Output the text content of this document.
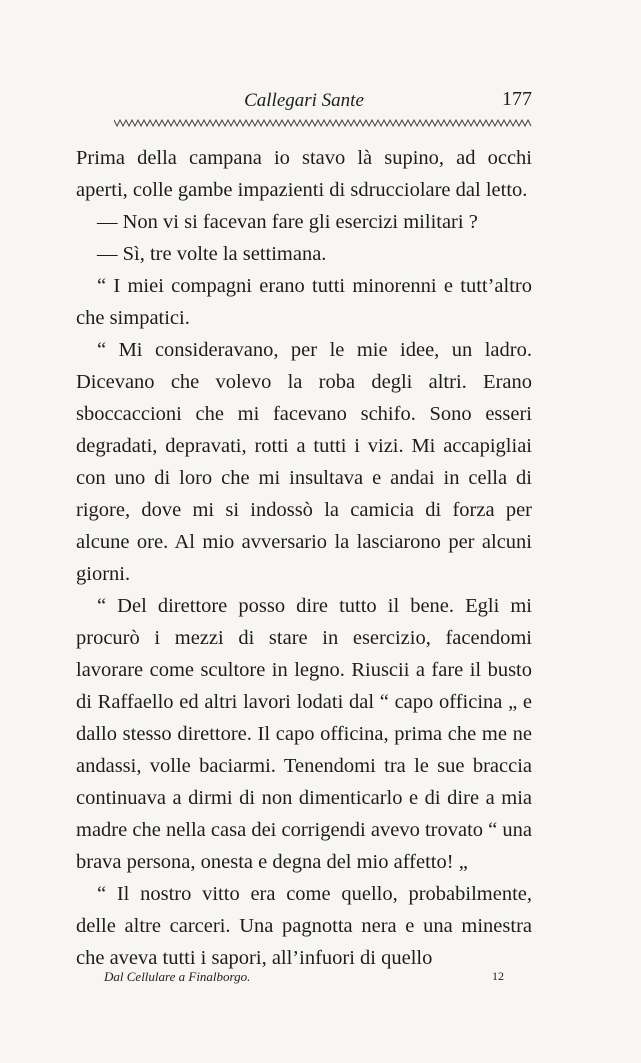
Callegari Sante	177

Prima della campana io stavo là supino, ad occhi aperti, colle gambe impazienti di sdrucciolare dal letto.

— Non vi si facevan fare gli esercizi militari ?

— Sì, tre volte la settimana.

“ I miei compagni erano tutti minorenni e tutt’altro che simpatici.

“ Mi consideravano, per le mie idee, un ladro. Dicevano che volevo la roba degli altri. Erano sboccaccioni che mi facevano schifo. Sono esseri degradati, depravati, rotti a tutti i vizi. Mi accapigliai con uno di loro che mi insultava e andai in cella di rigore, dove mi si indossò la camicia di forza per alcune ore. Al mio avversario la lasciarono per alcuni giorni.

“ Del direttore posso dire tutto il bene. Egli mi procurò i mezzi di stare in esercizio, facendomi lavorare come scultore in legno. Riuscii a fare il busto di Raffaello ed altri lavori lodati dal “ capo officina „ e dallo stesso direttore. Il capo officina, prima che me ne andassi, volle baciarmi. Tenendomi tra le sue braccia continuava a dirmi di non dimenticarlo e di dire a mia madre che nella casa dei corrigendi avevo trovato “ una brava persona, onesta e degna del mio affetto! „

“ Il nostro vitto era come quello, probabilmente, delle altre carceri. Una pagnotta nera e una minestra che aveva tutti i sapori, all’infuori di quello

Dal Cellulare a Finalborgo.	12
